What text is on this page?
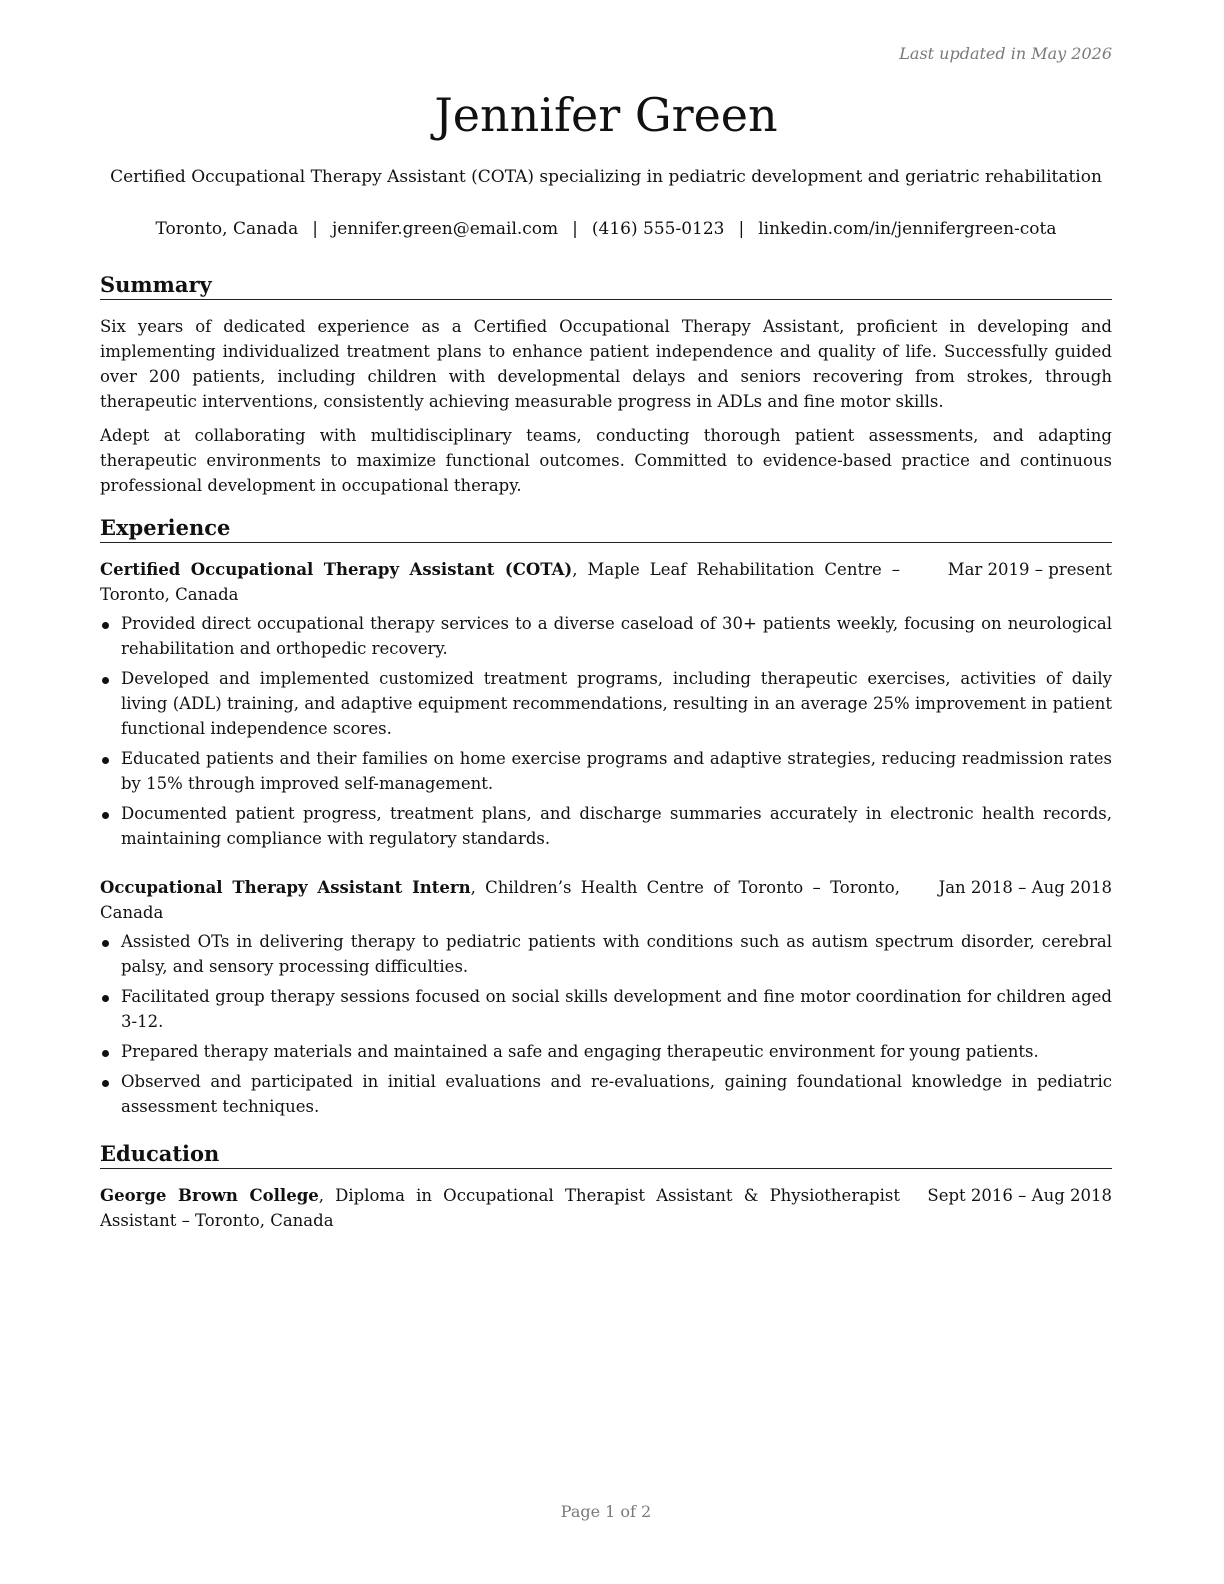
Last updated in May 2026
Jennifer Green
Certified Occupational Therapy Assistant (COTA) specializing in pediatric development and geriatric rehabilitation
Toronto, Canada | jennifer.green@email.com | (416) 555-0123 | linkedin.com/in/jennifergreen-cota
Summary

Six years of dedicated experience as a Certified Occupational Therapy Assistant, proficient in developing and implementing individualized treatment plans to enhance patient independence and quality of life. Successfully guided over 200 patients, including children with developmental delays and seniors recovering from strokes, through therapeutic interventions, consistently achieving measurable progress in ADLs and fine motor skills.

Adept at collaborating with multidisciplinary teams, conducting thorough patient assessments, and adapting therapeutic environments to maximize functional outcomes. Committed to evidence-based practice and continuous professional development in occupational therapy.

Experience
Certified Occupational Therapy Assistant (COTA), Maple Leaf Rehabilitation Centre – Toronto, Canada
Mar 2019 – present
Provided direct occupational therapy services to a diverse caseload of 30+ patients weekly, focusing on neurological rehabilitation and orthopedic recovery.
Developed and implemented customized treatment programs, including therapeutic exercises, activities of daily living (ADL) training, and adaptive equipment recommendations, resulting in an average 25% improvement in patient functional independence scores.
Educated patients and their families on home exercise programs and adaptive strategies, reducing readmission rates by 15% through improved self-management.
Documented patient progress, treatment plans, and discharge summaries accurately in electronic health records, maintaining compliance with regulatory standards.
Occupational Therapy Assistant Intern, Children’s Health Centre of Toronto – Toronto, Canada
Jan 2018 – Aug 2018
Assisted OTs in delivering therapy to pediatric patients with conditions such as autism spectrum disorder, cerebral palsy, and sensory processing difficulties.
Facilitated group therapy sessions focused on social skills development and fine motor coordination for children aged 3-12.
Prepared therapy materials and maintained a safe and engaging therapeutic environment for young patients.
Observed and participated in initial evaluations and re-evaluations, gaining foundational knowledge in pediatric assessment techniques.
Education
George Brown College, Diploma in Occupational Therapist Assistant & Physiotherapist Assistant – Toronto, Canada
Sept 2016 – Aug 2018
Page 1 of 2
